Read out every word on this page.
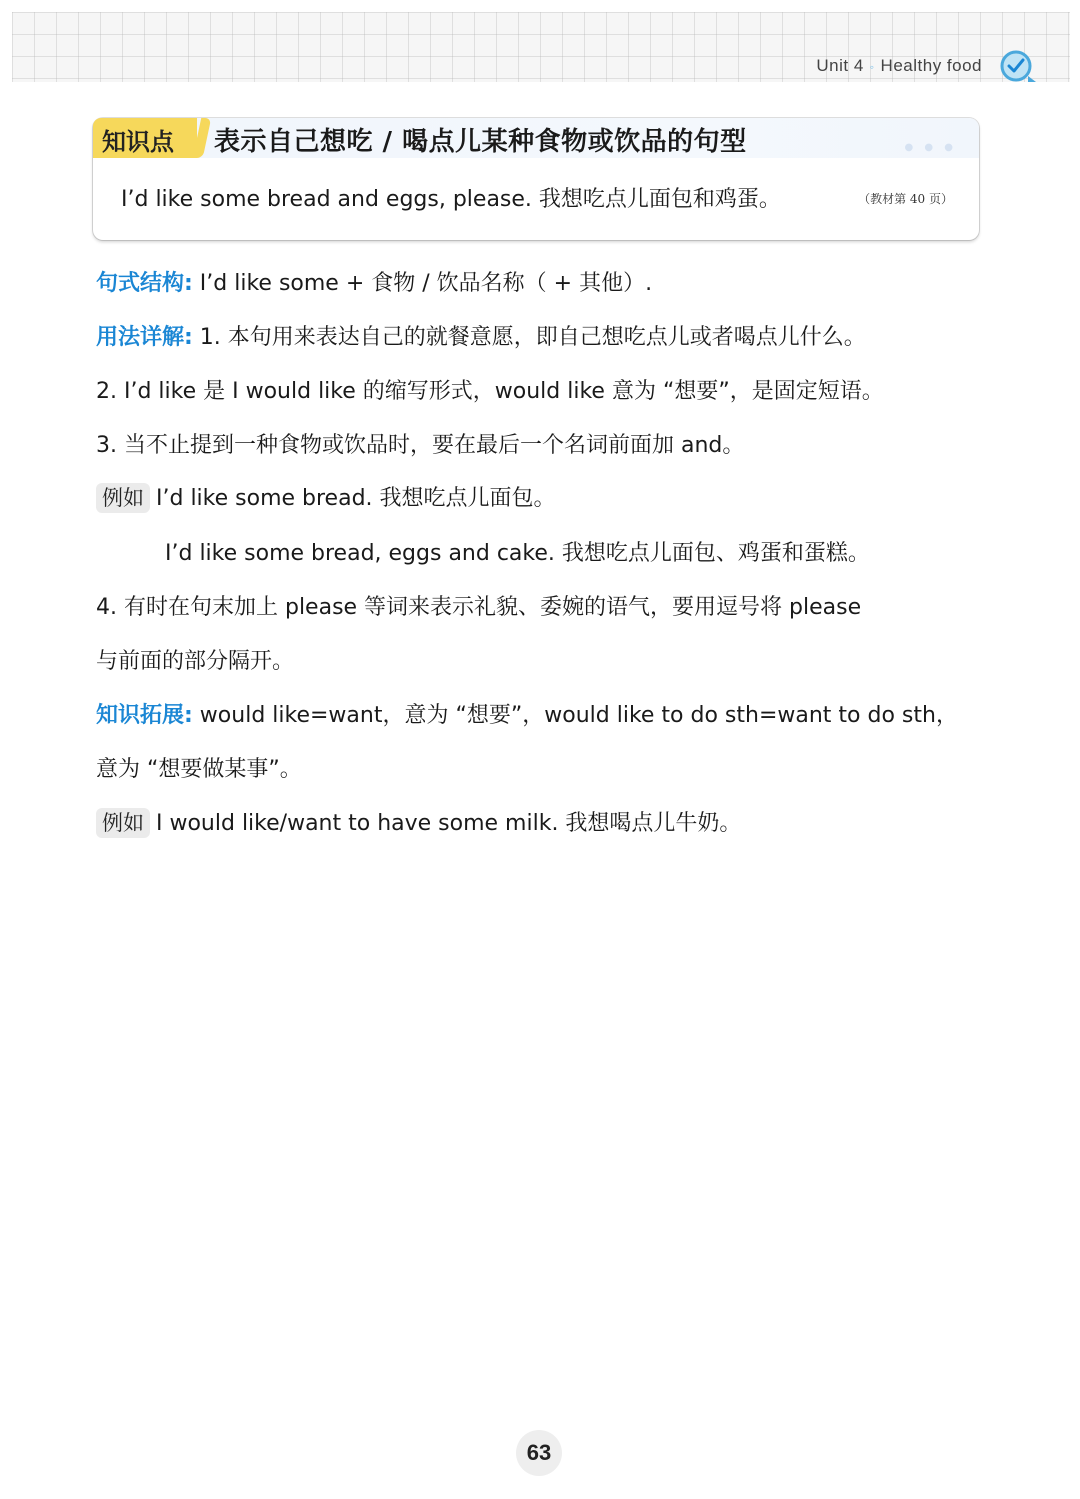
Unit 4 ◦ Healthy food
知识点 表示自己想吃 / 喝点儿某种食物或饮品的句型	● ● ●
I’d like some bread and eggs, please. 我想吃点儿面包和鸡蛋。	（教材第 40 页）
句式结构: I’d like some + 食物 / 饮品名称（ + 其他）.
用法详解: 1. 本句用来表达自己的就餐意愿，即自己想吃点儿或者喝点儿什么。
2. I’d like 是 I would like 的缩写形式，would like 意为 “想要”，是固定短语。
3. 当不止提到一种食物或饮品时，要在最后一个名词前面加 and。
例如 I’d like some bread. 我想吃点儿面包。
I’d like some bread, eggs and cake. 我想吃点儿面包、鸡蛋和蛋糕。
4. 有时在句末加上 please 等词来表示礼貌、委婉的语气，要用逗号将 please
与前面的部分隔开。
知识拓展: would like=want，意为 “想要”，would like to do sth=want to do sth，
意为 “想要做某事”。
例如 I would like/want to have some milk. 我想喝点儿牛奶。
63
